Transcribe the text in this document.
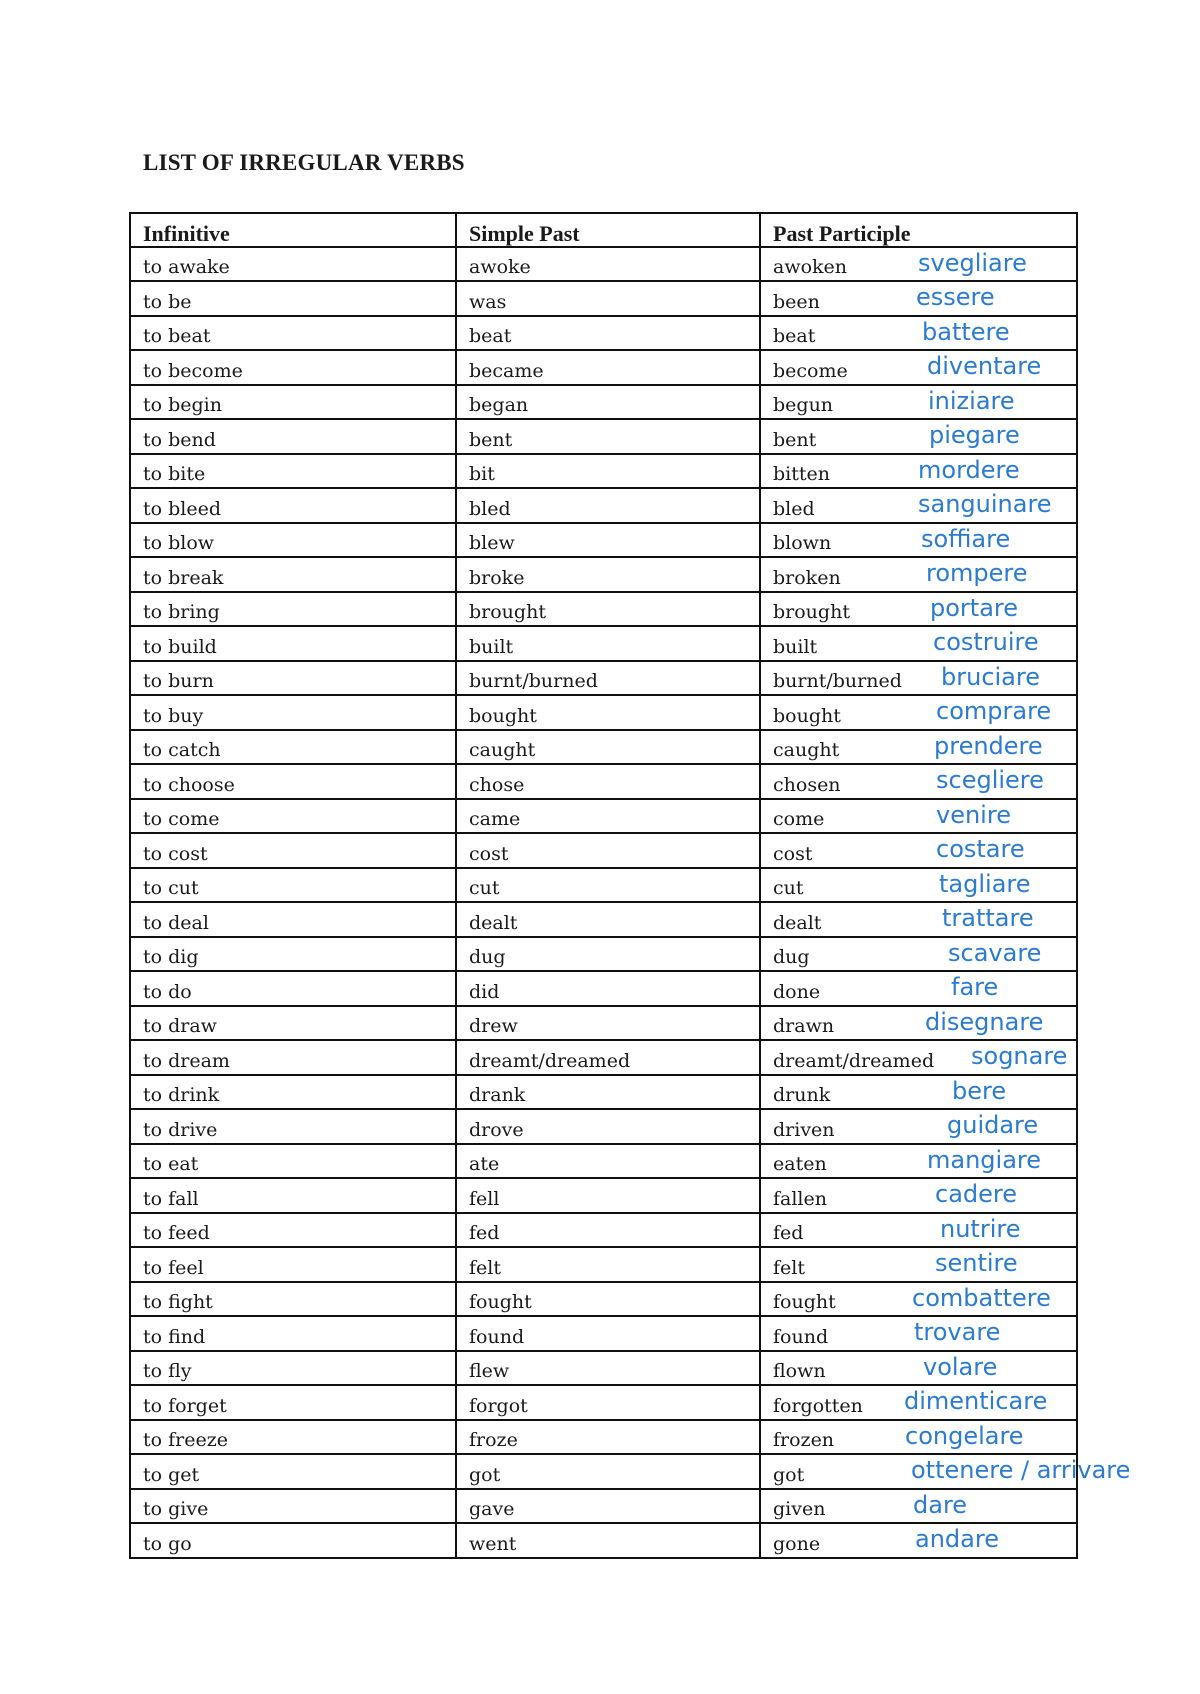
LIST OF IRREGULAR VERBS
Infinitive	Simple Past	Past Participle
to awake	awoke	awoken svegliare

to be	was	been essere

to beat	beat	beat battere

to become	became	become diventare

to begin	began	begun iniziare

to bend	bent	bent piegare

to bite	bit	bitten mordere

to bleed	bled	bled sanguinare

to blow	blew	blown soffiare

to break	broke	broken rompere

to bring	brought	brought portare

to build	built	built costruire

to burn	burnt/burned	burnt/burned bruciare

to buy	bought	bought comprare

to catch	caught	caught prendere

to choose	chose	chosen scegliere

to come	came	come venire

to cost	cost	cost costare

to cut	cut	cut tagliare

to deal	dealt	dealt trattare

to dig	dug	dug scavare

to do	did	done fare

to draw	drew	drawn disegnare

to dream	dreamt/dreamed	dreamt/dreamed sognare

to drink	drank	drunk bere

to drive	drove	driven guidare

to eat	ate	eaten mangiare

to fall	fell	fallen cadere

to feed	fed	fed nutrire

to feel	felt	felt sentire

to fight	fought	fought combattere

to find	found	found trovare

to fly	flew	flown volare

to forget	forgot	forgotten dimenticare

to freeze	froze	frozen congelare

to get	got	got ottenere / arrivare

to give	gave	given dare

to go	went	gone andare
